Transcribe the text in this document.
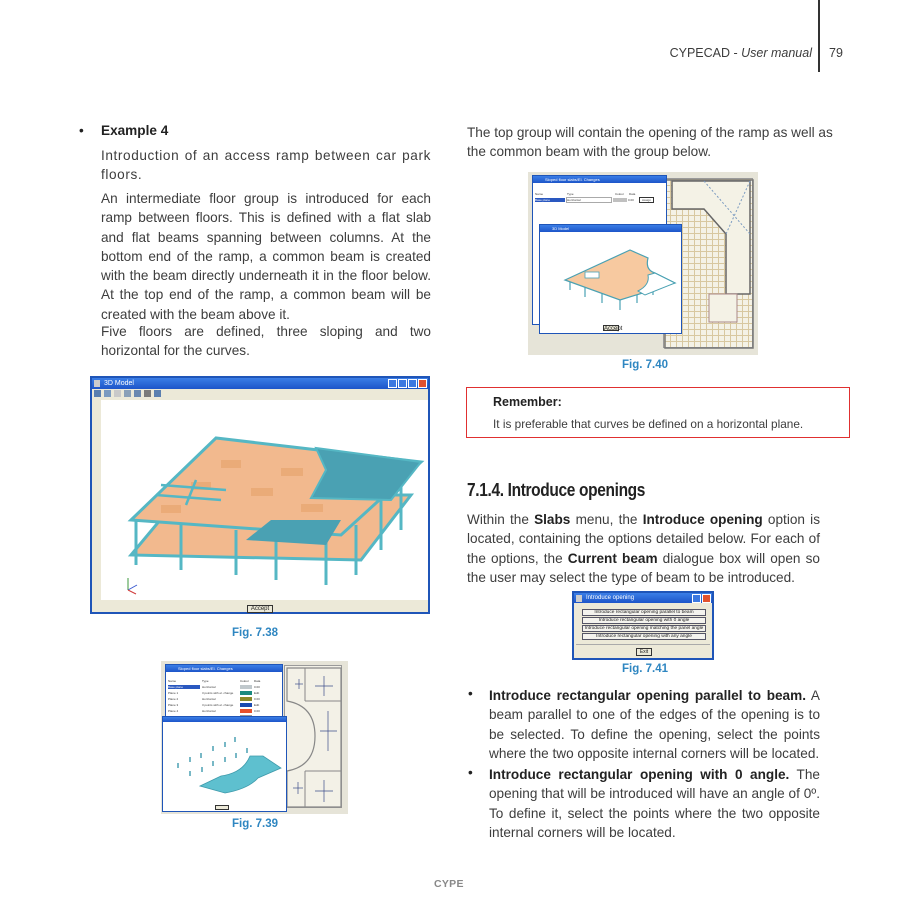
CYPECAD - User manual 79
• Example 4
Introduction of an access ramp between car park floors.
An intermediate floor group is introduced for each ramp between floors. This is defined with a flat slab and flat beams spanning between columns. At the bottom end of the ramp, a common beam is created with the beam directly underneath it in the floor below. At the top end of the ramp, a common beam will be created with the beam above it.
Five floors are defined, three sloping and two horizontal for the curves.
3D Model
Accept
Fig. 7.38
Sloped floor slabs/El. Changes
Name	Type	Colour	Data
Base plane	Horizontal	0.00
Plane 1	3 points with el. change	Edit
Plane 2	Horizontal	0.00
Plane 3	3 points with el. change	Edit
Plane 4	Horizontal	0.00
Fig. 7.39
The top group will contain the opening of the ramp as well as the common beam with the group below.
Sloped floor slabs/El. Changes
Name	Type	Colour	Data
Base plane	Horizontal	0.00	Assign
3D Model
Accept
Fig. 7.40
Remember:
It is preferable that curves be defined on a horizontal plane.
7.1.4. Introduce openings
Within the Slabs menu, the Introduce opening option is located, containing the options detailed below. For each of the options, the Current beam dialogue box will open so the user may select the type of beam to be introduced.
Introduce opening
Introduce rectangular opening parallel to beam
Introduce rectangular opening with 0 angle
Introduce rectangular opening matching the panel angle
Introduce rectangular opening with any angle
Exit
Fig. 7.41
• Introduce rectangular opening parallel to beam. A beam parallel to one of the edges of the opening is to be selected. To define the opening, select the points where the two opposite internal corners will be located.
• Introduce rectangular opening with 0 angle. The opening that will be introduced will have an angle of 0º. To define it, select the points where the two opposite internal corners will be located.
CYPE
